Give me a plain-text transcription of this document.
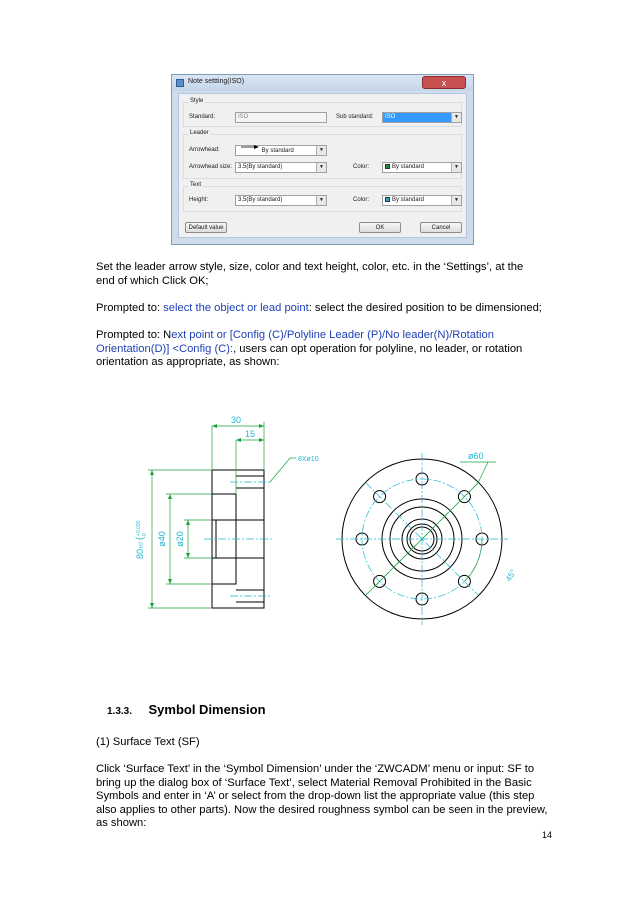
Note settting(ISO)	x
Style
Standard:	ISO	Sub standard:	ISO	▼
Leader
Arrowhead:	By standard	▼
Arrowhead size: 3.5(By standard)	▼	Color:	By standard	▼
Text
Height:	3.5(By standard)	▼	Color:	By standard	▼
Default value	OK	Cancel
Set the leader arrow style, size, color and text height, color, etc. in the ‘Settings’, at the
end of which Click OK;
Prompted to: select the object or lead point: select the desired position to be dimensioned;
Prompted to: Next point or [Config (C)/Polyline Leader (P)/No leader(N)/Rotation
Orientation(D)] <Config (C):, users can opt operation for polyline, no leader, or rotation
orientation as appropriate, as shown:
30
15
8Xø10
ø40 ø20
80
H7
(
+0.030 0
ø60
45°
1.3.3. Symbol Dimension
(1) Surface Text (SF)
Click ‘Surface Text’ in the ‘Symbol Dimension’ under the ‘ZWCADM’ menu or input: SF to
bring up the dialog box of ‘Surface Text’, select Material Removal Prohibited in the Basic
Symbols and enter in ‘A’ or select from the drop-down list the appropriate value (this step
also applies to other parts). Now the desired roughness symbol can be seen in the preview,
as shown:
14
